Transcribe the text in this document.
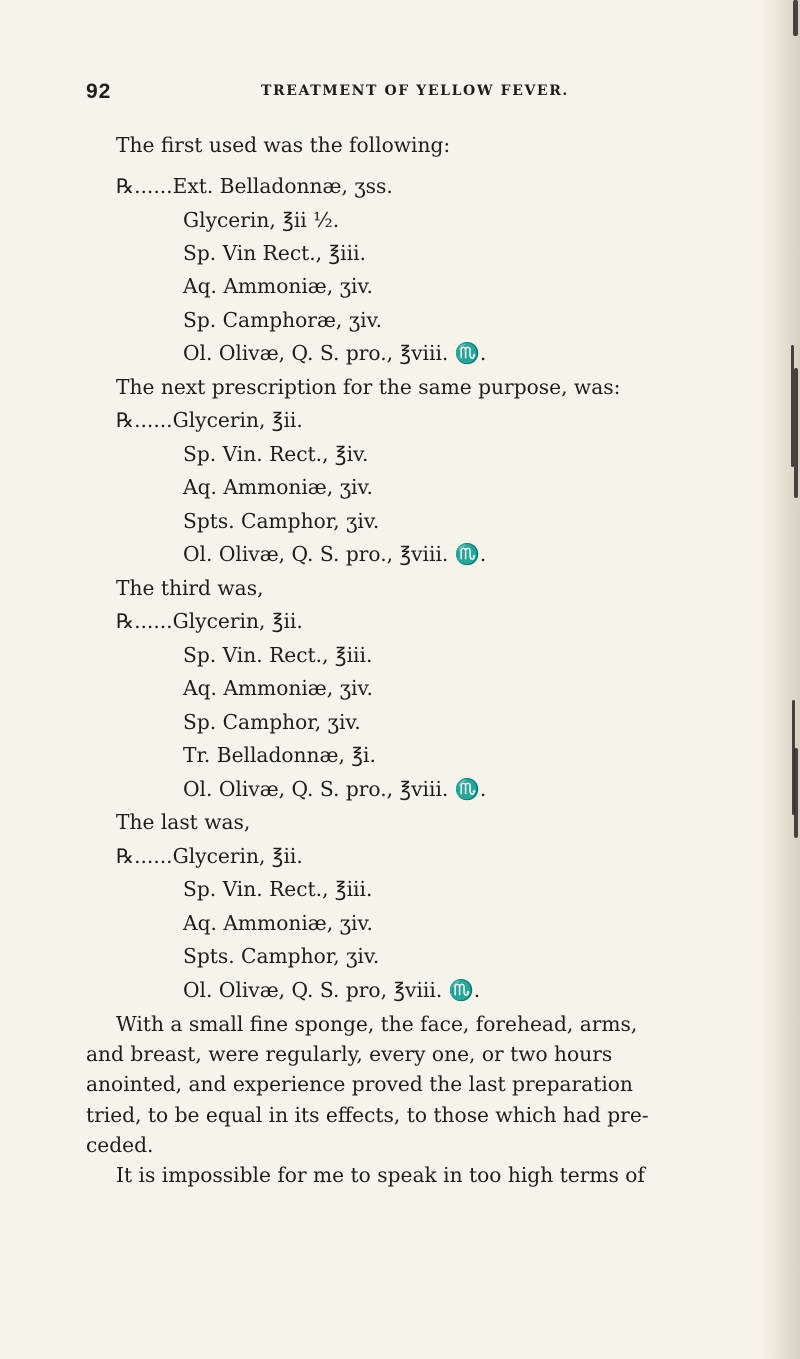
92	TREATMENT OF YELLOW FEVER.
The first used was the following:
℞......Ext. Belladonnæ, ʒss.
Glycerin, ℥ii ½.
Sp. Vin Rect., ℥iii.
Aq. Ammoniæ, ʒiv.
Sp. Camphoræ, ʒiv.
Ol. Olivæ, Q. S. pro., ℥viii. ♏.
The next prescription for the same purpose, was:
℞......Glycerin, ℥ii.
Sp. Vin. Rect., ℥iv.
Aq. Ammoniæ, ʒiv.
Spts. Camphor, ʒiv.
Ol. Olivæ, Q. S. pro., ℥viii. ♏.
The third was,
℞......Glycerin, ℥ii.
Sp. Vin. Rect., ℥iii.
Aq. Ammoniæ, ʒiv.
Sp. Camphor, ʒiv.
Tr. Belladonnæ, ℥i.
Ol. Olivæ, Q. S. pro., ℥viii. ♏.
The last was,
℞......Glycerin, ℥ii.
Sp. Vin. Rect., ℥iii.
Aq. Ammoniæ, ʒiv.
Spts. Camphor, ʒiv.
Ol. Olivæ, Q. S. pro, ℥viii. ♏.
With a small fine sponge, the face, forehead, arms,
and breast, were regularly, every one, or two hours
anointed, and experience proved the last preparation
tried, to be equal in its effects, to those which had pre-
ceded.
It is impossible for me to speak in too high terms of
